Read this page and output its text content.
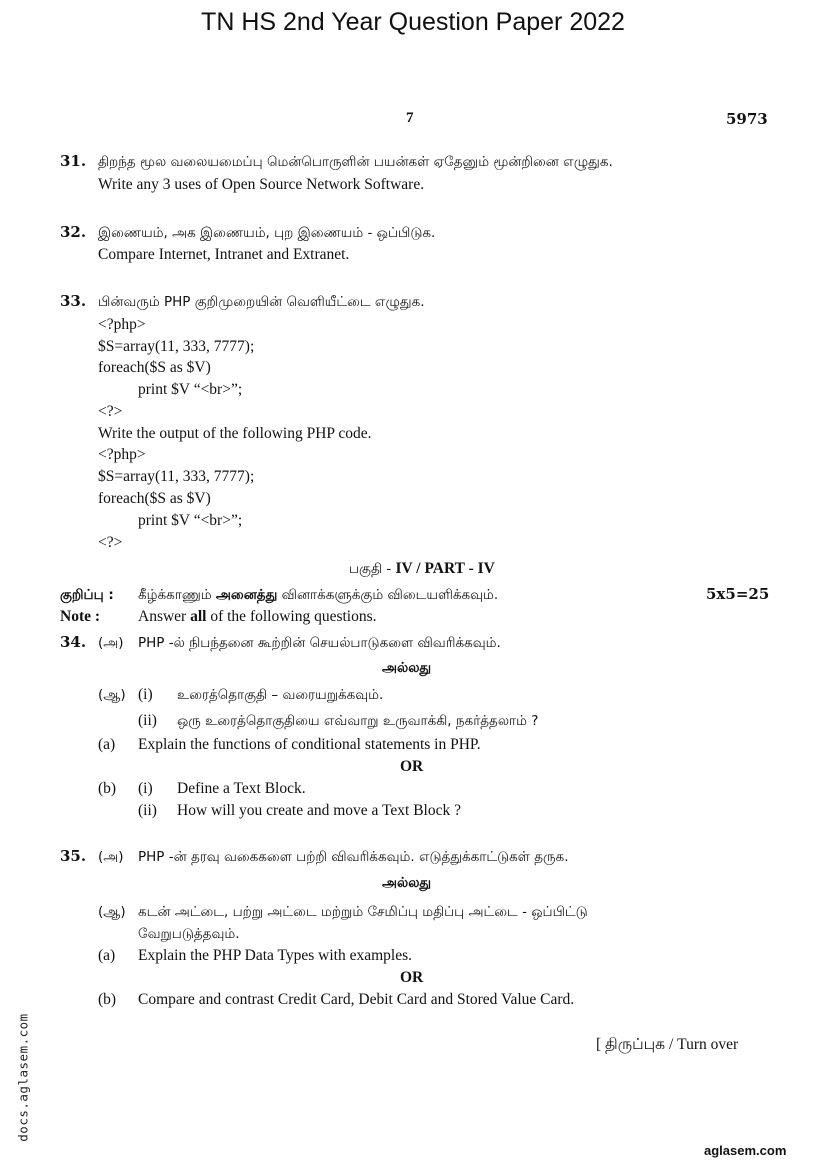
TN HS 2nd Year Question Paper 2022
7	5973
31. திறந்த மூல வலையமைப்பு மென்பொருளின் பயன்கள் ஏதேனும் மூன்றினை எழுதுக.
Write any 3 uses of Open Source Network Software.
32. இணையம், அக இணையம், புற இணையம் - ஒப்பிடுக.
Compare Internet, Intranet and Extranet.
33. பின்வரும் PHP குறிமுறையின் வெளியீட்டை எழுதுக.
<?php>
$S=array(11, 333, 7777);
foreach($S as $V)
print $V “<br>”;
<?>
Write the output of the following PHP code.
<?php>
$S=array(11, 333, 7777);
foreach($S as $V)
print $V “<br>”;
<?>
பகுதி - IV / PART - IV
குறிப்பு : கீழ்க்காணும் அனைத்து வினாக்களுக்கும் விடையளிக்கவும்.	5x5=25
Note : Answer all of the following questions.
34. (அ) PHP -ல் நிபந்தனை கூற்றின் செயல்பாடுகளை விவரிக்கவும்.
அல்லது
(ஆ) (i) உரைத்தொகுதி – வரையறுக்கவும்.
(ii) ஒரு உரைத்தொகுதியை எவ்வாறு உருவாக்கி, நகர்த்தலாம் ?
(a) Explain the functions of conditional statements in PHP.
OR
(b) (i) Define a Text Block.
(ii) How will you create and move a Text Block ?
35. (அ) PHP -ன் தரவு வகைகளை பற்றி விவரிக்கவும். எடுத்துக்காட்டுகள் தருக.
அல்லது
(ஆ) கடன் அட்டை, பற்று அட்டை மற்றும் சேமிப்பு மதிப்பு அட்டை - ஒப்பிட்டு
வேறுபடுத்தவும்.
(a) Explain the PHP Data Types with examples.
OR
(b) Compare and contrast Credit Card, Debit Card and Stored Value Card.
[ திருப்புக / Turn over
docs.aglasem.com
aglasem.com
